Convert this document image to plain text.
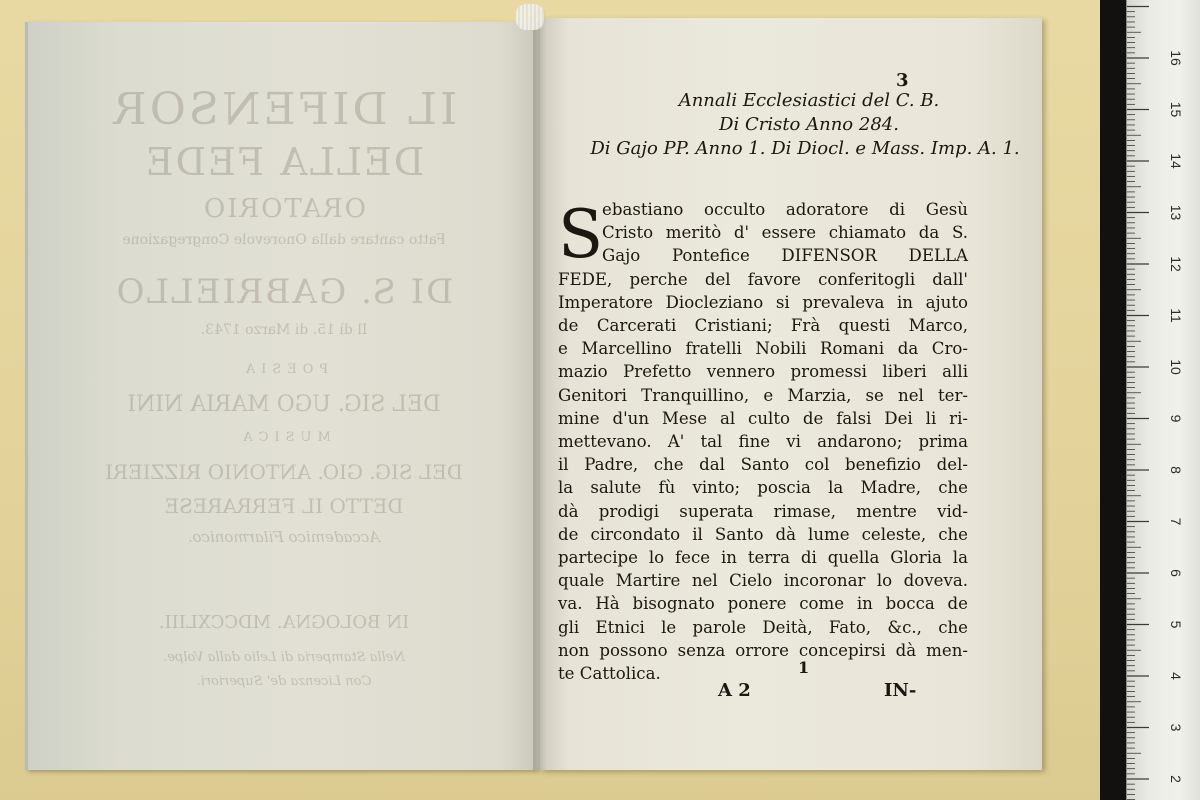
IL DIFENSOR
DELLA FEDE
ORATORIO
Fatto cantare dalla Onorevole Congregazione
DI S. GABRIELLO
Il dì 15. di Marzo 1743.
POESIA
DEL SIG. UGO MARIA NINI
MUSICA
DEL SIG. GIO. ANTONIO RIZZIERI
DETTO IL FERRARESE
Accademico Filarmonico.
IN BOLOGNA. MDCCXLIII.
Nella Stamperia di Lelio dalla Volpe.
Con Licenza de' Superiori.
3
Annali Ecclesiastici del C. B.
Di Cristo Anno 284.
Di Gajo PP. Anno 1. Di Diocl. e Mass. Imp. A. 1.
S
ebastiano occulto adoratore di Gesù
Cristo meritò d' essere chiamato da S.
Gajo Pontefice DIFENSOR DELLA
FEDE, perche del favore conferitogli dall'
Imperatore Diocleziano si prevaleva in ajuto
de Carcerati Cristiani; Frà questi Marco,
e Marcellino fratelli Nobili Romani da Cro-
mazio Prefetto vennero promessi liberi alli
Genitori Tranquillino, e Marzia, se nel ter-
mine d'un Mese al culto de falsi Dei li ri-
mettevano. A' tal fine vi andarono; prima
il Padre, che dal Santo col benefizio del-
la salute fù vinto; poscia la Madre, che
dà prodigi superata rimase, mentre vid-
de circondato il Santo dà lume celeste, che
partecipe lo fece in terra di quella Gloria la
quale Martire nel Cielo incoronar lo doveva.
va. Hà bisognato ponere come in bocca de
gli Etnici le parole Deità, Fato, &c., che
non possono senza orrore concepirsi dà men-
te Cattolica.	1
A 2	IN-
16
15
14
13
12
11
10
9
8
7
6
5
4
3
2
